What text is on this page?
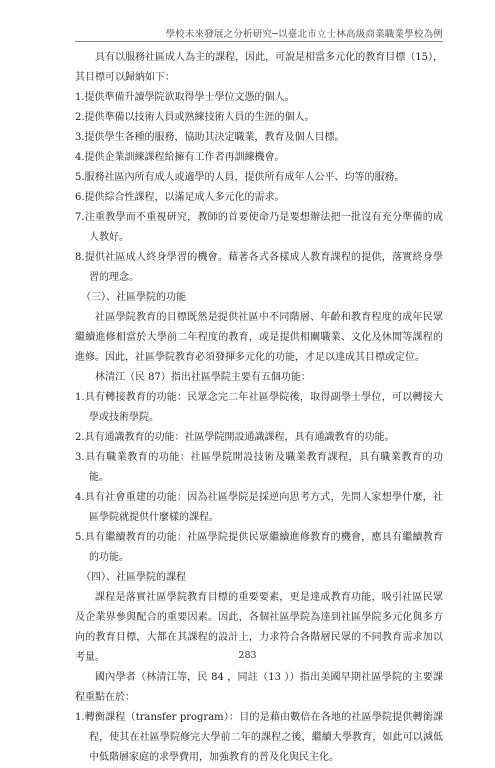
學校未來發展之分析研究─以臺北市立士林高級商業職業學校為例

具有以服務社區成人為主的課程，因此，可說是相當多元化的教育目標（15），其目標可以歸納如下：

1.提供準備升讀學院欲取得學士學位文憑的個人。

2.提供準備以技術人員或熟練技術人員的生涯的個人。

3.提供學生各種的服務，協助其決定職業，教育及個人目標。

4.提供企業訓練課程給擁有工作者再訓練機會。

5.服務社區內所有成人或適學的人員，提供所有成年人公平、均等的服務。

6.提供綜合性課程，以滿足成人多元化的需求。

7.注重教學而不重視研究，教師的首要使命乃是要想辦法把一批沒有充分準備的成人教好。

8.提供社區成人終身學習的機會。藉著各式各樣成人教育課程的提供，落實終身學習的理念。

（三）、社區學院的功能

社區學院教育的目標既然是提供社區中不同階層、年齡和教育程度的成年民眾繼續進修相當於大學前二年程度的教育，或是提供相關職業、文化及休閒等課程的進修。因此，社區學院教育必須發揮多元化的功能，才足以達成其目標或定位。

林清江（民 87）指出社區學院主要有五個功能：

1.具有轉接教育的功能：民眾念完二年社區學院後，取得副學士學位，可以轉接大學或技術學院。

2.具有通識教育的功能：社區學院開設通識課程，具有通識教育的功能。

3.具有職業教育的功能：社區學院開設技術及職業教育課程，具有職業教育的功能。

4.具有社會重建的功能：因為社區學院是採逆向思考方式，先問人家想學什麼，社區學院就提供什麼樣的課程。

5.具有繼續教育的功能：社區學院提供民眾繼續進修教育的機會，應具有繼續教育的功能。

（四）、社區學院的課程

課程是落實社區學院教育目標的重要要素，更是達成教育功能，吸引社區民眾及企業界參與配合的重要因素。因此，各個社區學院為達到社區學院多元化與多方向的教育目標，大都在其課程的設計上，力求符合各階層民眾的不同教育需求加以考量。

國內學者（林清江等，民 84 ，同註（13 ））指出美國早期社區學院的主要課程重點在於：

1.轉衡課程（transfer program）：目的是藉由數倍在各地的社區學院提供轉銜課程，使其在社區學院修完大學前二年的課程之後，繼續大學教育，如此可以減低中低階層家庭的求學費用，加強教育的普及化與民主化。

283
